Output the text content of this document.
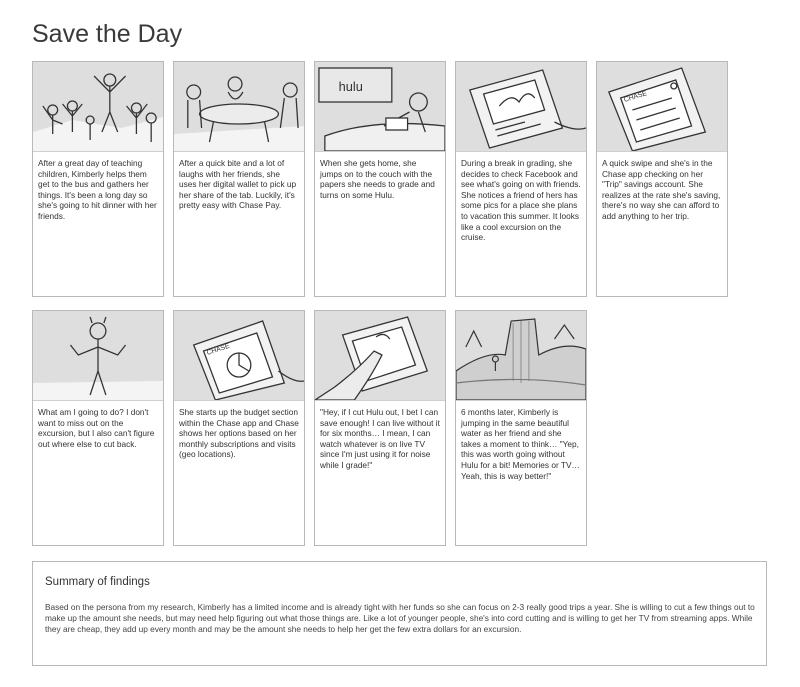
Save the Day
After a great day of teaching children, Kimberly helps them get to the bus and gathers her things. It's been a long day so she's going to hit dinner with her friends.
After a quick bite and a lot of laughs with her friends, she uses her digital wallet to pick up her share of the tab. Luckily, it's pretty easy with Chase Pay.
hulu
When she gets home, she jumps on to the couch with the papers she needs to grade and turns on some Hulu.
During a break in grading, she decides to check Facebook and see what's going on with friends. She notices a friend of hers has some pics for a place she plans to vacation this summer. It looks like a cool excursion on the cruise.
CHASE
A quick swipe and she's in the Chase app checking on her "Trip" savings account. She realizes at the rate she's saving, there's no way she can afford to add anything to her trip.
What am I going to do? I don't want to miss out on the excursion, but I also can't figure out where else to cut back.
CHASE
She starts up the budget section within the Chase app and Chase shows her options based on her monthly subscriptions and visits (geo locations).
"Hey, if I cut Hulu out, I bet I can save enough! I can live without it for six months… I mean, I can watch whatever is on live TV since I'm just using it for noise while I grade!"
6 months later, Kimberly is jumping in the same beautiful water as her friend and she takes a moment to think… "Yep, this was worth going without Hulu for a bit! Memories or TV… Yeah, this is way better!"
Summary of findings
Based on the persona from my research, Kimberly has a limited income and is already tight with her funds so she can focus on 2-3 really good trips a year. She is willing to cut a few things out to make up the amount she needs, but may need help figuring out what those things are. Like a lot of younger people, she's into cord cutting and is willing to get her TV from streaming apps. While they are cheap, they add up every month and may be the amount she needs to help her get the few extra dollars for an excursion.
